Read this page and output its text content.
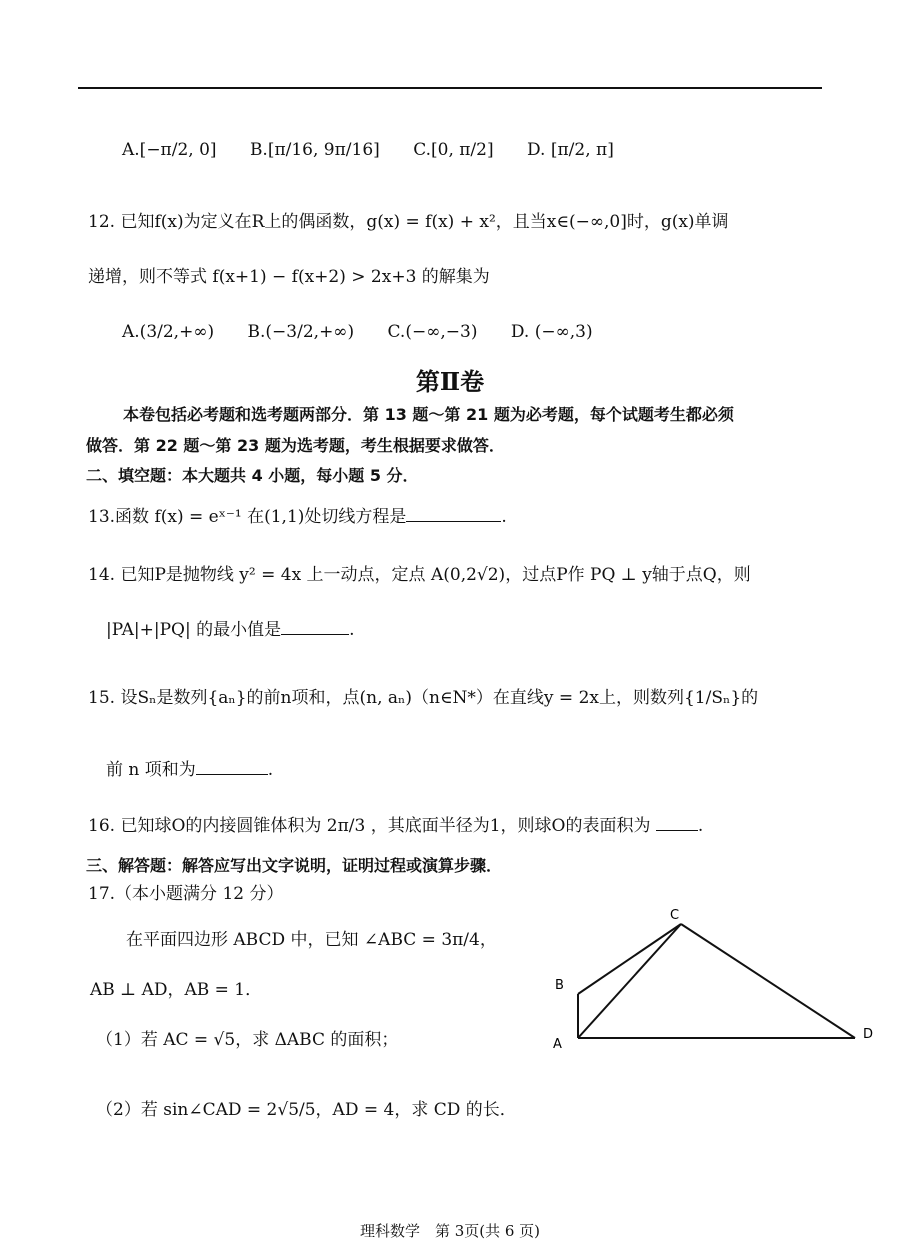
A.[−π/2, 0] B.[π/16, 9π/16] C.[0, π/2] D. [π/2, π]
12. 已知f(x)为定义在R上的偶函数，g(x) = f(x) + x²，且当x∈(−∞,0]时，g(x)单调
递增，则不等式 f(x+1) − f(x+2) > 2x+3 的解集为
A.(3/2,+∞) B.(−3/2,+∞) C.(−∞,−3) D. (−∞,3)
第Ⅱ卷
本卷包括必考题和选考题两部分．第 13 题～第 21 题为必考题，每个试题考生都必须
做答．第 22 题～第 23 题为选考题，考生根据要求做答．
二、填空题：本大题共 4 小题，每小题 5 分．
13.函数 f(x) = eˣ⁻¹ 在(1,1)处切线方程是	.
14. 已知P是抛物线 y² = 4x 上一动点，定点 A(0,2√2)，过点P作 PQ ⊥ y轴于点Q，则
|PA|+|PQ| 的最小值是	.
15. 设Sₙ是数列{aₙ}的前n项和，点(n, aₙ)（n∈N*）在直线y = 2x上，则数列{1/Sₙ}的
前 n 项和为	.
16. 已知球O的内接圆锥体积为 2π/3 ，其底面半径为1，则球O的表面积为	.
三、解答题：解答应写出文字说明，证明过程或演算步骤．
17.（本小题满分 12 分）
在平面四边形 ABCD 中，已知 ∠ABC = 3π/4，
AB ⊥ AD，AB = 1．
（1）若 AC = √5，求 ΔABC 的面积；
（2）若 sin∠CAD = 2√5/5，AD = 4，求 CD 的长．
A
B
C
D
理科数学　第 3页(共 6 页)
